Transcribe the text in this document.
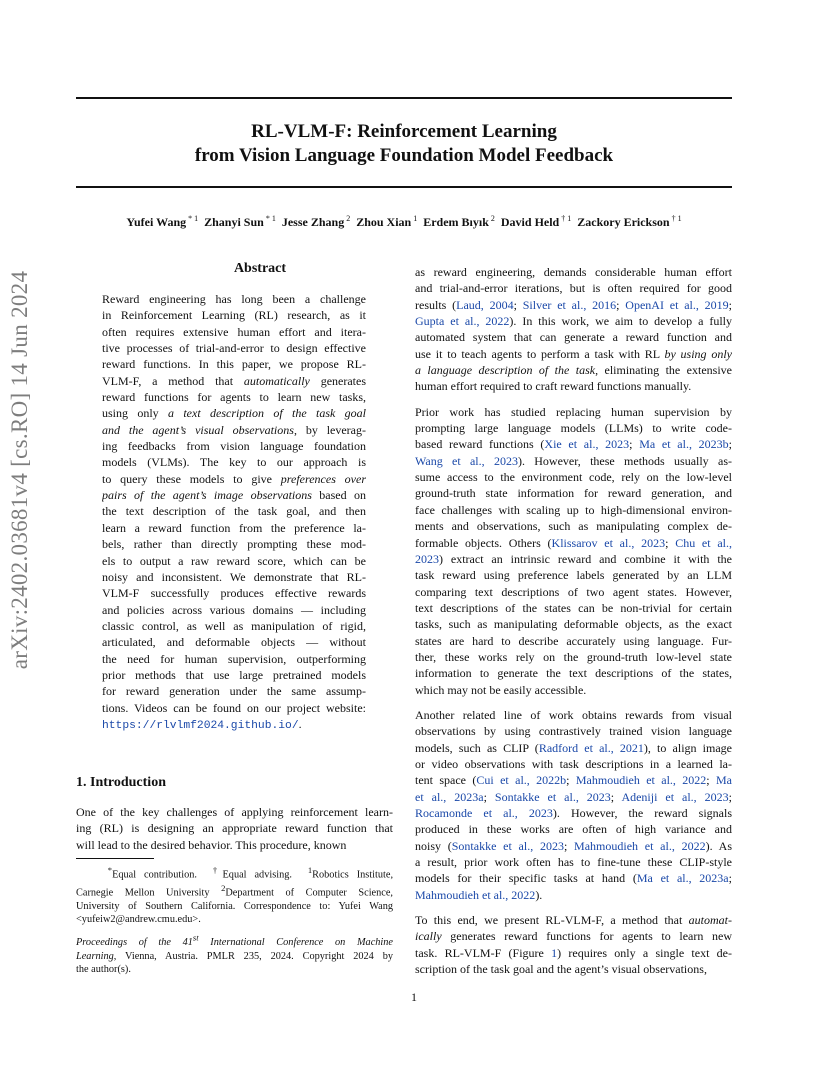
arXiv:2402.03681v4 [cs.RO] 14 Jun 2024
RL-VLM-F: Reinforcement Learning
from Vision Language Foundation Model Feedback
Yufei Wang $^{* 1}$ Zhanyi Sun $^{* 1}$ Jesse Zhang $^2$ Zhou Xian $^1$ Erdem Bıyık $^2$ David Held $^{\dagger 1}$ Zackory Erickson $^{\dagger 1}$
Abstract
Reward engineering has long been a challenge
in Reinforcement Learning (RL) research, as it
often requires extensive human effort and itera-
tive processes of trial-and-error to design effective
reward functions. In this paper, we propose RL-
VLM-F, a method that automatically generates
reward functions for agents to learn new tasks,
using only a text description of the task goal
and the agent’s visual observations, by leverag-
ing feedbacks from vision language foundation
models (VLMs). The key to our approach is
to query these models to give preferences over
pairs of the agent’s image observations based on
the text description of the task goal, and then
learn a reward function from the preference la-
bels, rather than directly prompting these mod-
els to output a raw reward score, which can be
noisy and inconsistent. We demonstrate that RL-
VLM-F successfully produces effective rewards
and policies across various domains — including
classic control, as well as manipulation of rigid,
articulated, and deformable objects — without
the need for human supervision, outperforming
prior methods that use large pretrained models
for reward generation under the same assump-
tions. Videos can be found on our project website:
https://rlvlmf2024.github.io/.
1. Introduction
One of the key challenges of applying reinforcement learn-
ing (RL) is designing an appropriate reward function that
will lead to the desired behavior. This procedure, known
*Equal contribution.  †Equal advising.  $^1$Robotics Institute,
Carnegie Mellon University $^2$Department of Computer Science,
University of Southern California. Correspondence to: Yufei Wang
<yufeiw2@andrew.cmu.edu>.
Proceedings of the 41st International Conference on Machine
Learning, Vienna, Austria. PMLR 235, 2024. Copyright 2024 by
the author(s).
as reward engineering, demands considerable human effort
and trial-and-error iterations, but is often required for good
results (Laud, 2004; Silver et al., 2016; OpenAI et al., 2019;
Gupta et al., 2022). In this work, we aim to develop a fully
automated system that can generate a reward function and
use it to teach agents to perform a task with RL by using only
a language description of the task, eliminating the extensive
human effort required to craft reward functions manually.
Prior work has studied replacing human supervision by
prompting large language models (LLMs) to write code-
based reward functions (Xie et al., 2023; Ma et al., 2023b;
Wang et al., 2023). However, these methods usually as-
sume access to the environment code, rely on the low-level
ground-truth state information for reward generation, and
face challenges with scaling up to high-dimensional environ-
ments and observations, such as manipulating complex de-
formable objects. Others (Klissarov et al., 2023; Chu et al.,
2023) extract an intrinsic reward and combine it with the
task reward using preference labels generated by an LLM
comparing text descriptions of two agent states. However,
text descriptions of the states can be non-trivial for certain
tasks, such as manipulating deformable objects, as the exact
states are hard to describe accurately using language. Fur-
ther, these works rely on the ground-truth low-level state
information to generate the text descriptions of the states,
which may not be easily accessible.
Another related line of work obtains rewards from visual
observations by using contrastively trained vision language
models, such as CLIP (Radford et al., 2021), to align image
or video observations with task descriptions in a learned la-
tent space (Cui et al., 2022b; Mahmoudieh et al., 2022; Ma
et al., 2023a; Sontakke et al., 2023; Adeniji et al., 2023;
Rocamonde et al., 2023). However, the reward signals
produced in these works are often of high variance and
noisy (Sontakke et al., 2023; Mahmoudieh et al., 2022). As
a result, prior work often has to fine-tune these CLIP-style
models for their specific tasks at hand (Ma et al., 2023a;
Mahmoudieh et al., 2022).
To this end, we present RL-VLM-F, a method that automat-
ically generates reward functions for agents to learn new
task. RL-VLM-F (Figure 1) requires only a single text de-
scription of the task goal and the agent’s visual observations,
1
